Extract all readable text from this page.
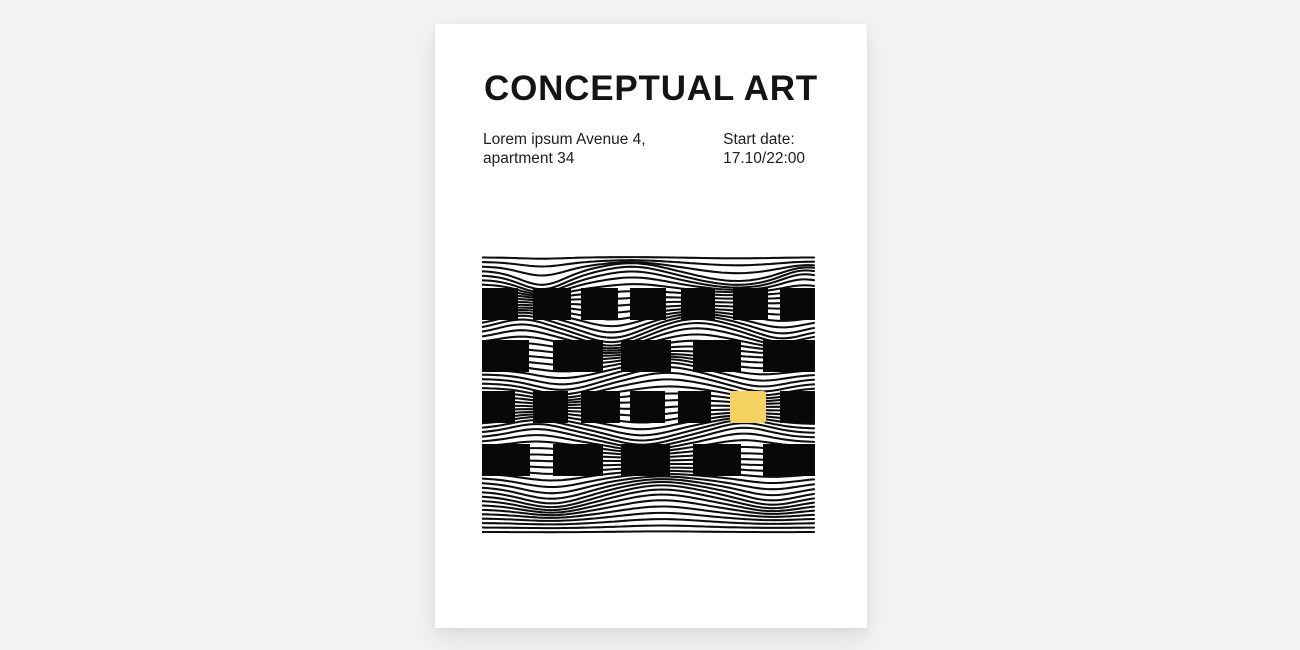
CONCEPTUAL ART
Lorem ipsum Avenue 4,
apartment 34
Start date:
17.10/22:00
